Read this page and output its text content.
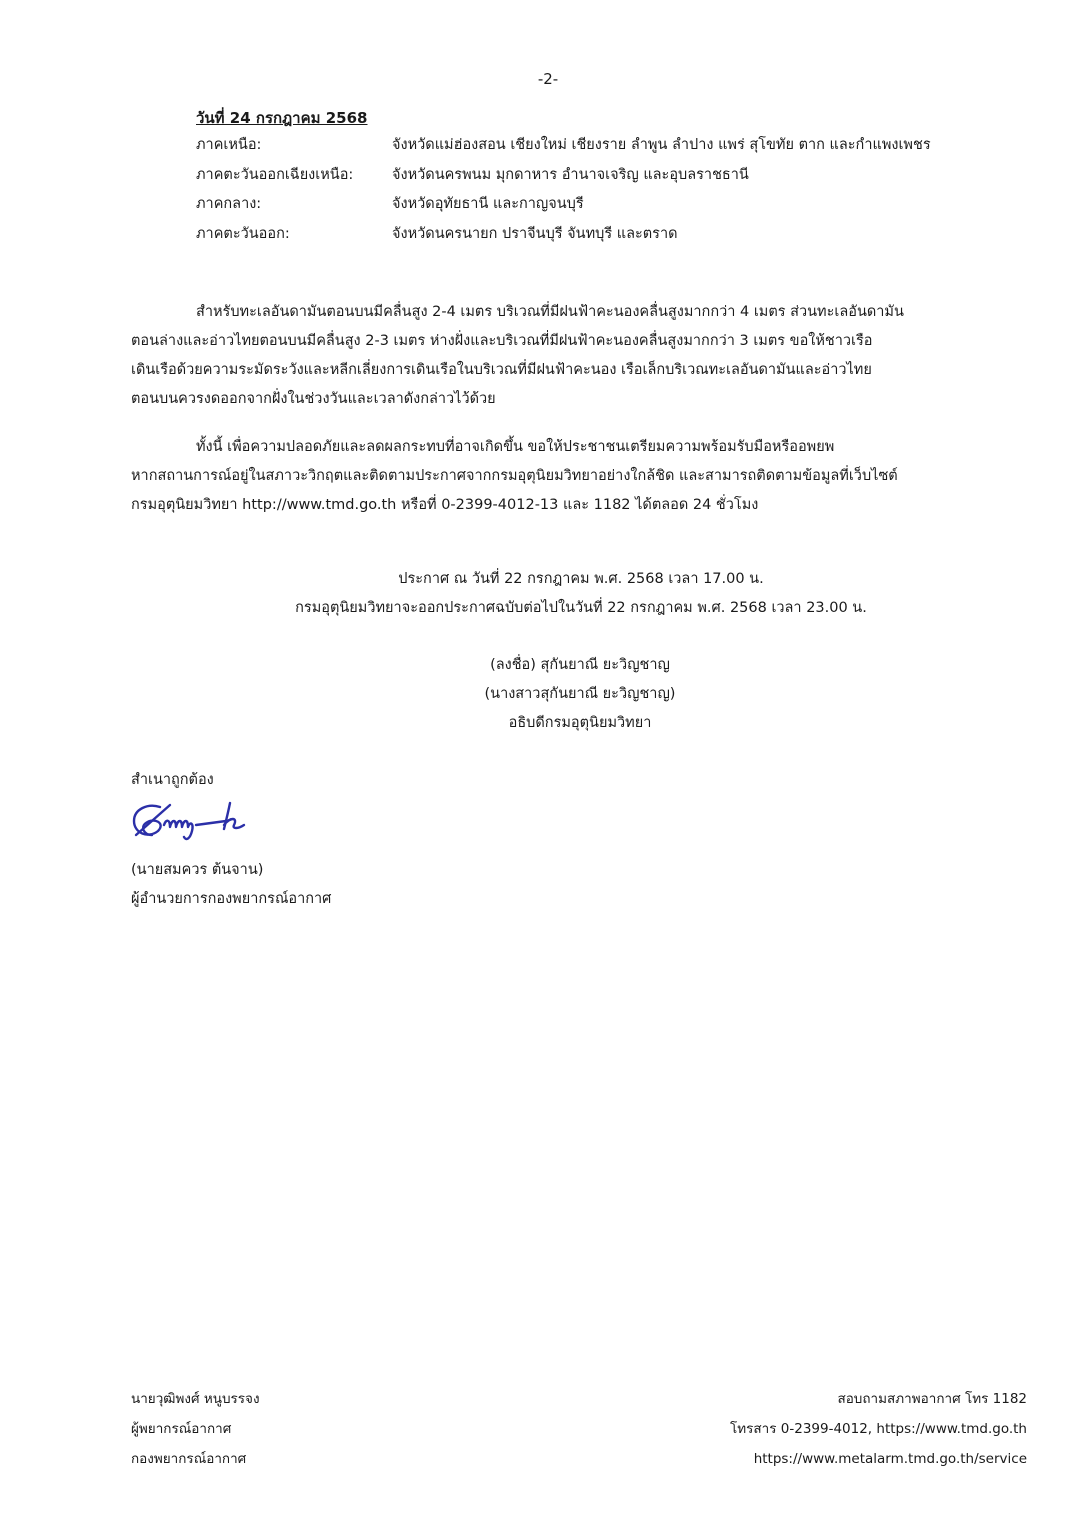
-2-
วันที่ 24 กรกฎาคม 2568
ภาคเหนือ:	จังหวัดแม่ฮ่องสอน เชียงใหม่ เชียงราย ลำพูน ลำปาง แพร่ สุโขทัย ตาก และกำแพงเพชร
ภาคตะวันออกเฉียงเหนือ:	จังหวัดนครพนม มุกดาหาร อำนาจเจริญ และอุบลราชธานี
ภาคกลาง:	จังหวัดอุทัยธานี และกาญจนบุรี
ภาคตะวันออก:	จังหวัดนครนายก ปราจีนบุรี จันทบุรี และตราด
สำหรับทะเลอันดามันตอนบนมีคลื่นสูง 2-4 เมตร บริเวณที่มีฝนฟ้าคะนองคลื่นสูงมากกว่า 4 เมตร ส่วนทะเลอันดามัน
ตอนล่างและอ่าวไทยตอนบนมีคลื่นสูง 2-3 เมตร ห่างฝั่งและบริเวณที่มีฝนฟ้าคะนองคลื่นสูงมากกว่า 3 เมตร ขอให้ชาวเรือ
เดินเรือด้วยความระมัดระวังและหลีกเลี่ยงการเดินเรือในบริเวณที่มีฝนฟ้าคะนอง เรือเล็กบริเวณทะเลอันดามันและอ่าวไทย
ตอนบนควรงดออกจากฝั่งในช่วงวันและเวลาดังกล่าวไว้ด้วย
ทั้งนี้ เพื่อความปลอดภัยและลดผลกระทบที่อาจเกิดขึ้น ขอให้ประชาชนเตรียมความพร้อมรับมือหรืออพยพ
หากสถานการณ์อยู่ในสภาวะวิกฤตและติดตามประกาศจากกรมอุตุนิยมวิทยาอย่างใกล้ชิด และสามารถติดตามข้อมูลที่เว็บไซต์
กรมอุตุนิยมวิทยา http://www.tmd.go.th หรือที่ 0-2399-4012-13 และ 1182 ได้ตลอด 24 ชั่วโมง
ประกาศ ณ วันที่ 22 กรกฎาคม พ.ศ. 2568 เวลา 17.00 น.
กรมอุตุนิยมวิทยาจะออกประกาศฉบับต่อไปในวันที่ 22 กรกฎาคม พ.ศ. 2568 เวลา 23.00 น.
(ลงชื่อ) สุกันยาณี ยะวิญชาญ
(นางสาวสุกันยาณี ยะวิญชาญ)
อธิบดีกรมอุตุนิยมวิทยา
สำเนาถูกต้อง
(นายสมควร ต้นจาน)
ผู้อำนวยการกองพยากรณ์อากาศ
นายวุฒิพงศ์ หนูบรรจง
ผู้พยากรณ์อากาศ
กองพยากรณ์อากาศ
สอบถามสภาพอากาศ โทร 1182
โทรสาร 0-2399-4012, https://www.tmd.go.th
https://www.metalarm.tmd.go.th/service
